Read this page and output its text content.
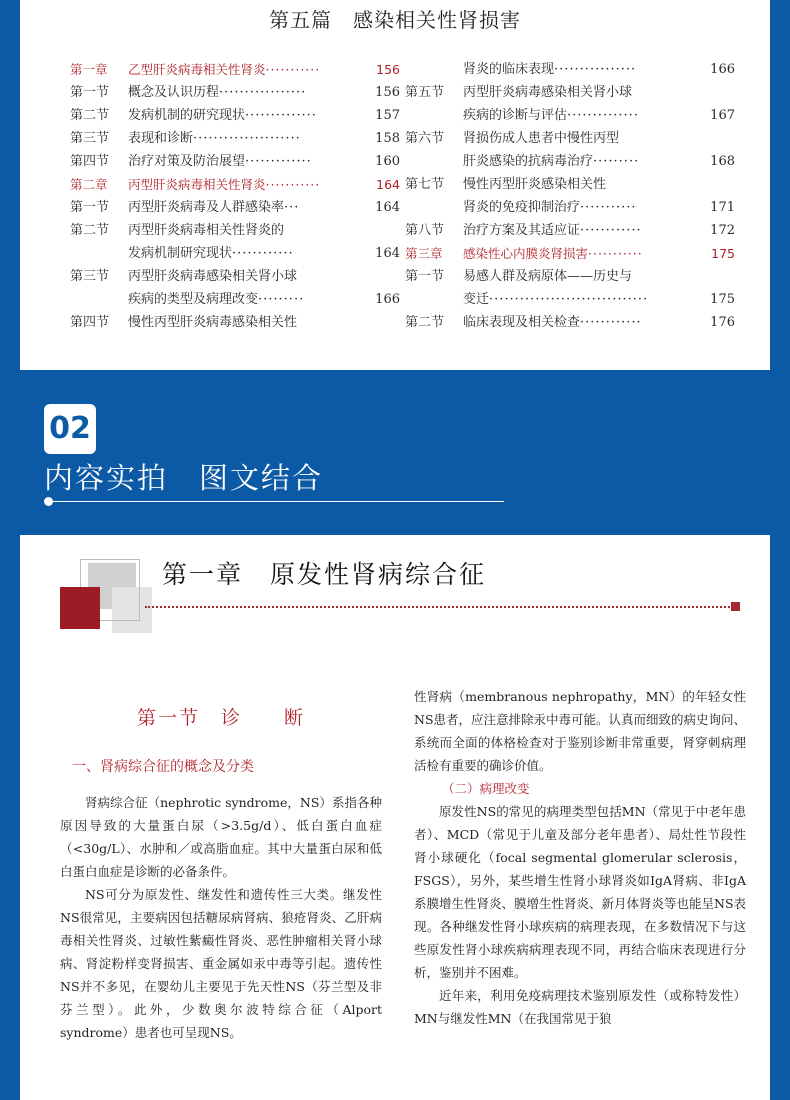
第五篇　感染相关性肾损害
第一章 乙型肝炎病毒相关性肾炎···········	156
第一节 概念及认识历程·················	156
第二节 发病机制的研究现状··············	157
第三节 表现和诊断·····················	158
第四节 治疗对策及防治展望·············	160
第二章 丙型肝炎病毒相关性肾炎···········	164
第一节 丙型肝炎病毒及人群感染率···	164
第二节 丙型肝炎病毒相关性肾炎的
发病机制研究现状············	164
第三节 丙型肝炎病毒感染相关肾小球
疾病的类型及病理改变·········	166
第四节 慢性丙型肝炎病毒感染相关性
肾炎的临床表现················	166
第五节 丙型肝炎病毒感染相关肾小球
疾病的诊断与评估··············	167
第六节 肾损伤成人患者中慢性丙型
肝炎感染的抗病毒治疗·········	168
第七节 慢性丙型肝炎感染相关性
肾炎的免疫抑制治疗···········	171
第八节 治疗方案及其适应证············	172
第三章 感染性心内膜炎肾损害···········	175
第一节 易感人群及病原体——历史与
变迁·······························	175
第二节 临床表现及相关检查············	176
02
内容实拍　图文结合
第一章　原发性肾病综合征
第一节　诊　　断
一、肾病综合征的概念及分类

肾病综合征（nephrotic syndrome，NS）系指各种原因导致的大量蛋白尿（>3.5g/d）、低白蛋白血症（<30g/L）、水肿和／或高脂血症。其中大量蛋白尿和低白蛋白血症是诊断的必备条件。

NS可分为原发性、继发性和遗传性三大类。继发性NS很常见，主要病因包括糖尿病肾病、狼疮肾炎、乙肝病毒相关性肾炎、过敏性紫癜性肾炎、恶性肿瘤相关肾小球病、肾淀粉样变肾损害、重金属如汞中毒等引起。遗传性NS并不多见，在婴幼儿主要见于先天性NS（芬兰型及非芬兰型）。此外，少数奥尔波特综合征（Alport syndrome）患者也可呈现NS。

性肾病（membranous nephropathy，MN）的年轻女性NS患者，应注意排除汞中毒可能。认真而细致的病史询问、系统而全面的体格检查对于鉴别诊断非常重要，肾穿刺病理活检有重要的确诊价值。

（二）病理改变

原发性NS的常见的病理类型包括MN（常见于中老年患者）、MCD（常见于儿童及部分老年患者）、局灶性节段性肾小球硬化（focal segmental glomerular sclerosis，FSGS），另外，某些增生性肾小球肾炎如IgA肾病、非IgA系膜增生性肾炎、膜增生性肾炎、新月体肾炎等也能呈NS表现。各种继发性肾小球疾病的病理表现，在多数情况下与这些原发性肾小球疾病病理表现不同，再结合临床表现进行分析，鉴别并不困难。

近年来，利用免疫病理技术鉴别原发性（或称特发性）MN与继发性MN（在我国常见于狼
